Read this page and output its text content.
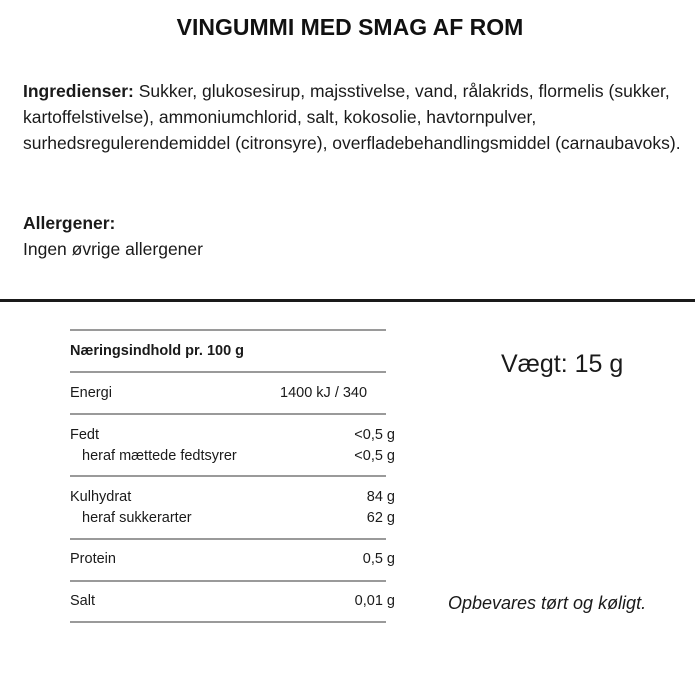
VINGUMMI MED SMAG AF ROM

Ingredienser: Sukker, glukosesirup, majsstivelse, vand, rålakrids, flormelis (sukker, kartoffelstivelse), ammoniumchlorid, salt, kokosolie, havtornpulver, surhedsregulerendemiddel (citronsyre), overfladebehandlingsmiddel (carnaubavoks).

Allergener:
Ingen øvrige allergener
Næringsindhold pr. 100 g
Energi	1400 kJ / 340
Fedt	<0,5 g
heraf mættede fedtsyrer	<0,5 g
Kulhydrat	84 g
heraf sukkerarter	62 g
Protein	0,5 g
Salt	0,01 g
Vægt: 15 g
Opbevares tørt og køligt.
